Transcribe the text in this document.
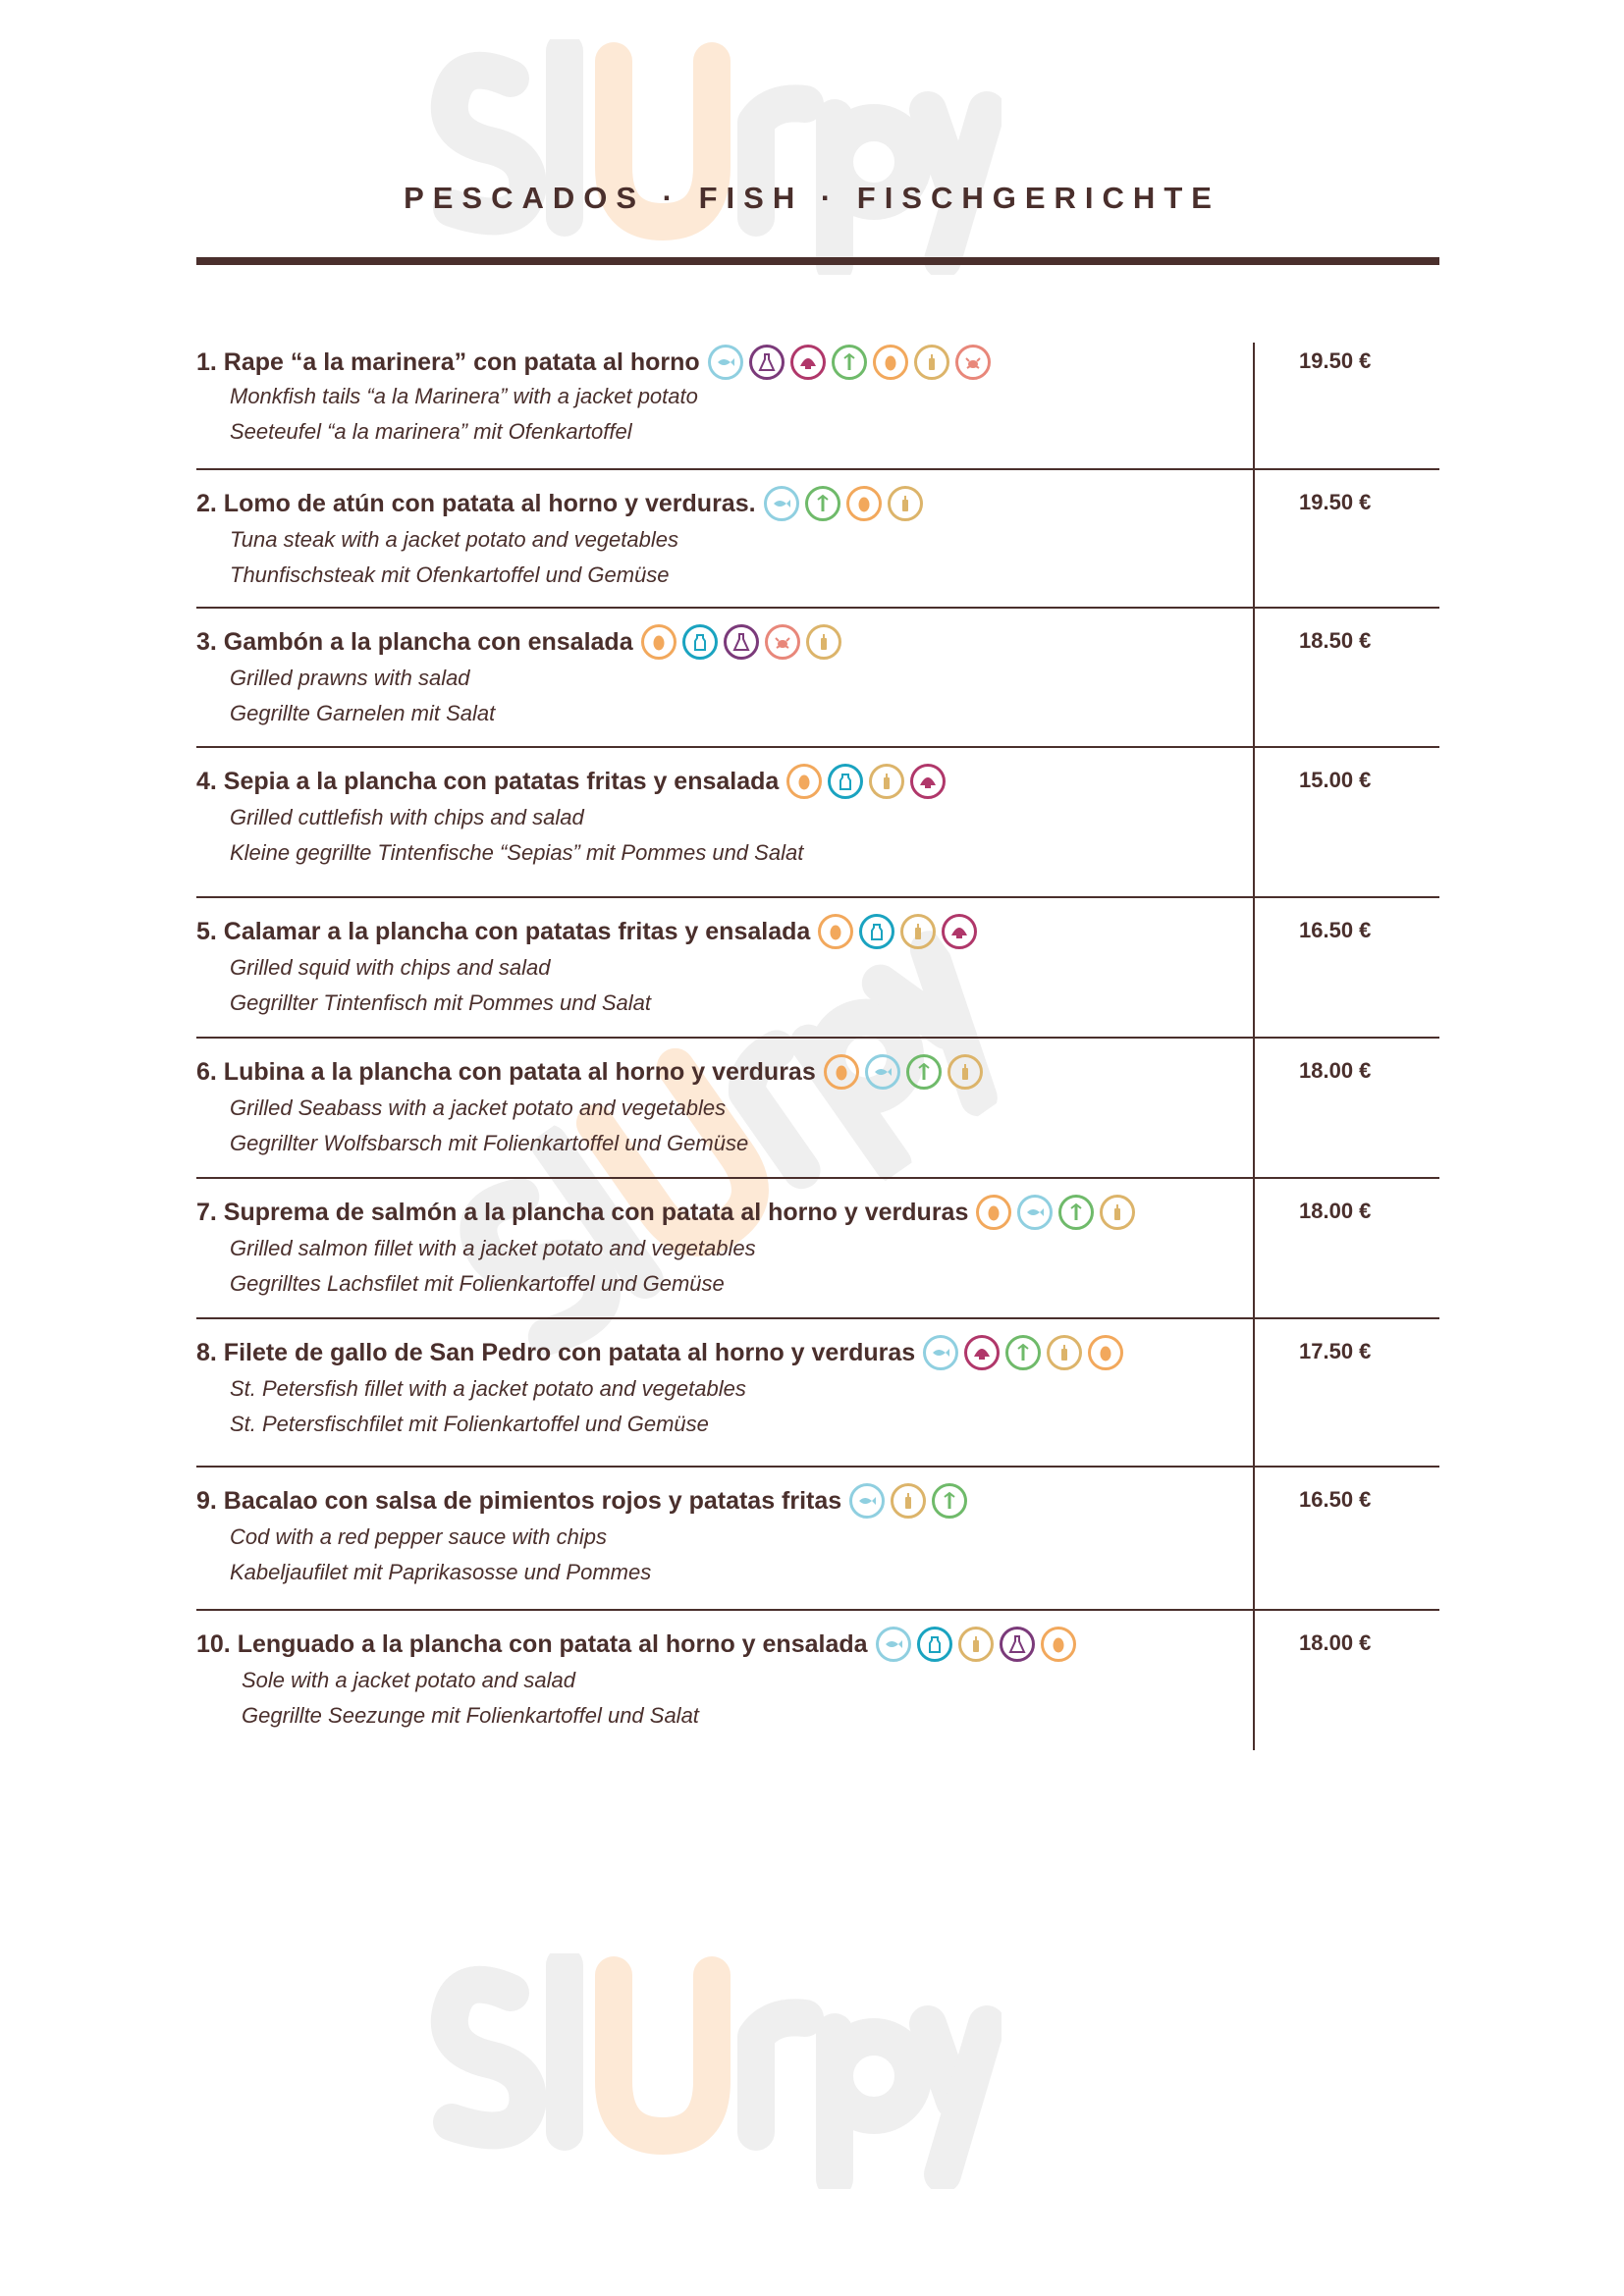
PESCADOS · FISH · FISCHGERICHTE
1. Rape “a la marinera” con patata al horno
Monkfish tails “a la Marinera” with a jacket potato
Seeteufel “a la marinera” mit Ofenkartoffel
19.50 €
2. Lomo de atún con patata al horno y verduras.
Tuna steak with a jacket potato and vegetables
Thunfischsteak mit Ofenkartoffel und Gemüse
19.50 €
3. Gambón a la plancha con ensalada
Grilled prawns with salad
Gegrillte Garnelen mit Salat
18.50 €
4. Sepia a la plancha con patatas fritas y ensalada
Grilled cuttlefish with chips and salad
Kleine gegrillte Tintenfische “Sepias” mit Pommes und Salat
15.00 €
5. Calamar a la plancha con patatas fritas y ensalada
Grilled squid with chips and salad
Gegrillter Tintenfisch mit Pommes und Salat
16.50 €
6. Lubina a la plancha con patata al horno y verduras
Grilled Seabass with a jacket potato and vegetables
Gegrillter Wolfsbarsch mit Folienkartoffel und Gemüse
18.00 €
7. Suprema de salmón a la plancha con patata al horno y verduras
Grilled salmon fillet with a jacket potato and vegetables
Gegrilltes Lachsfilet mit Folienkartoffel und Gemüse
18.00 €
8. Filete de gallo de San Pedro con patata al horno y verduras
St. Petersfish fillet with a jacket potato and vegetables
St. Petersfischfilet mit Folienkartoffel und Gemüse
17.50 €
9. Bacalao con salsa de pimientos rojos y patatas fritas
Cod with a red pepper sauce with chips
Kabeljaufilet mit Paprikasosse und Pommes
16.50 €
10. Lenguado a la plancha con patata al horno y ensalada
Sole with a jacket potato and salad
Gegrillte Seezunge mit Folienkartoffel und Salat
18.00 €
